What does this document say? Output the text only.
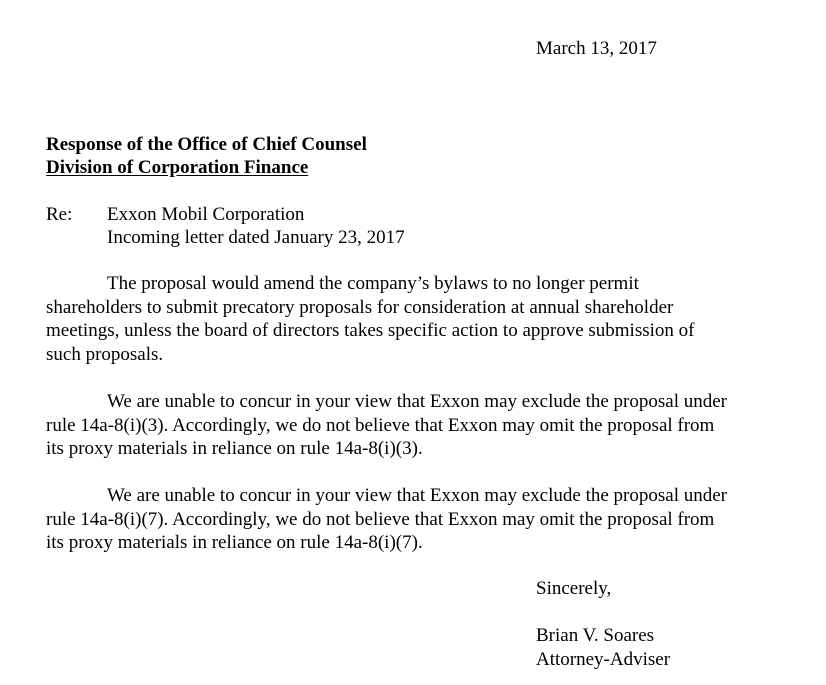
March 13, 2017
Response of the Office of Chief Counsel
Division of Corporation Finance
Re: Exxon Mobil Corporation
Incoming letter dated January 23, 2017
The proposal would amend the company’s bylaws to no longer permit
shareholders to submit precatory proposals for consideration at annual shareholder
meetings, unless the board of directors takes specific action to approve submission of
such proposals.
We are unable to concur in your view that Exxon may exclude the proposal under
rule 14a-8(i)(3). Accordingly, we do not believe that Exxon may omit the proposal from
its proxy materials in reliance on rule 14a-8(i)(3).
We are unable to concur in your view that Exxon may exclude the proposal under
rule 14a-8(i)(7). Accordingly, we do not believe that Exxon may omit the proposal from
its proxy materials in reliance on rule 14a-8(i)(7).
Sincerely,
Brian V. Soares
Attorney-Adviser
